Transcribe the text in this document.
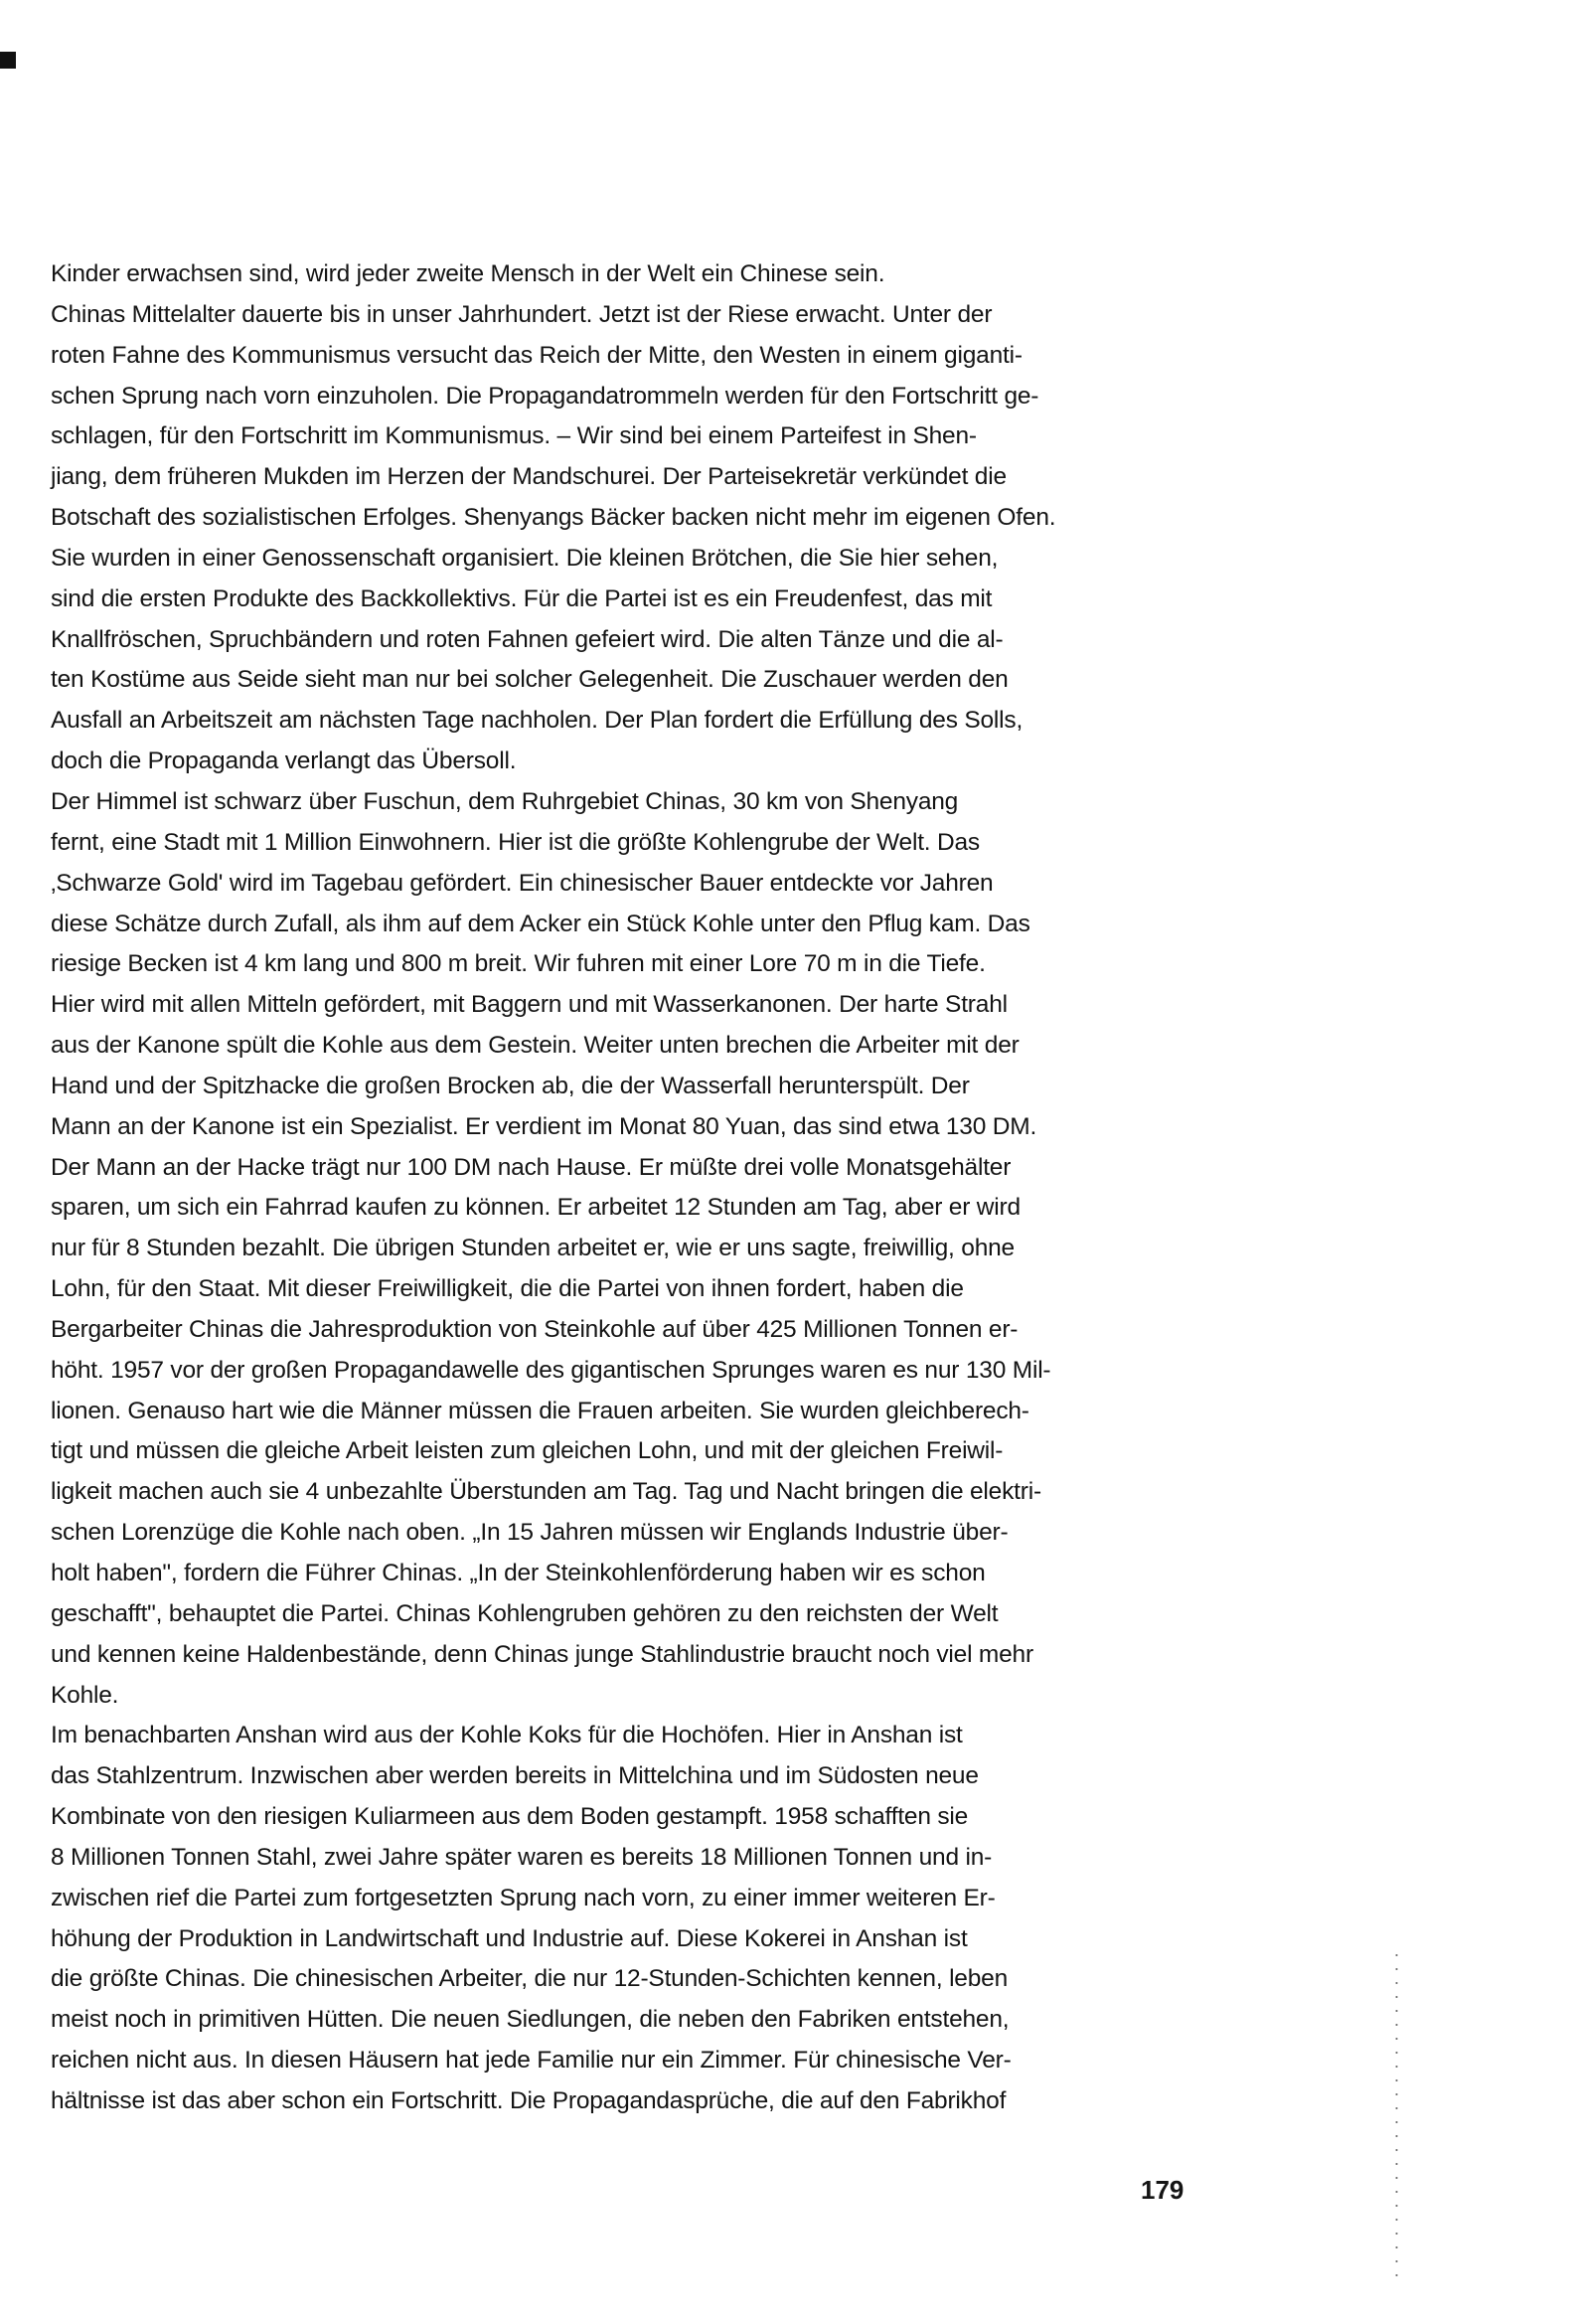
Kinder erwachsen sind, wird jeder zweite Mensch in der Welt ein Chinese sein.
Chinas Mittelalter dauerte bis in unser Jahrhundert. Jetzt ist der Riese erwacht. Unter der
roten Fahne des Kommunismus versucht das Reich der Mitte, den Westen in einem giganti-
schen Sprung nach vorn einzuholen. Die Propagandatrommeln werden für den Fortschritt ge-
schlagen, für den Fortschritt im Kommunismus. – Wir sind bei einem Parteifest in Shen-
jiang, dem früheren Mukden im Herzen der Mandschurei. Der Parteisekretär verkündet die
Botschaft des sozialistischen Erfolges. Shenyangs Bäcker backen nicht mehr im eigenen Ofen.
Sie wurden in einer Genossenschaft organisiert. Die kleinen Brötchen, die Sie hier sehen,
sind die ersten Produkte des Backkollektivs. Für die Partei ist es ein Freudenfest, das mit
Knallfröschen, Spruchbändern und roten Fahnen gefeiert wird. Die alten Tänze und die al-
ten Kostüme aus Seide sieht man nur bei solcher Gelegenheit. Die Zuschauer werden den
Ausfall an Arbeitszeit am nächsten Tage nachholen. Der Plan fordert die Erfüllung des Solls,
doch die Propaganda verlangt das Übersoll.
Der Himmel ist schwarz über Fuschun, dem Ruhrgebiet Chinas, 30 km von Shenyang
fernt, eine Stadt mit 1 Million Einwohnern. Hier ist die größte Kohlengrube der Welt. Das
‚Schwarze Gold' wird im Tagebau gefördert. Ein chinesischer Bauer entdeckte vor Jahren
diese Schätze durch Zufall, als ihm auf dem Acker ein Stück Kohle unter den Pflug kam. Das
riesige Becken ist 4 km lang und 800 m breit. Wir fuhren mit einer Lore 70 m in die Tiefe.
Hier wird mit allen Mitteln gefördert, mit Baggern und mit Wasserkanonen. Der harte Strahl
aus der Kanone spült die Kohle aus dem Gestein. Weiter unten brechen die Arbeiter mit der
Hand und der Spitzhacke die großen Brocken ab, die der Wasserfall herunterspült. Der
Mann an der Kanone ist ein Spezialist. Er verdient im Monat 80 Yuan, das sind etwa 130 DM.
Der Mann an der Hacke trägt nur 100 DM nach Hause. Er müßte drei volle Monatsgehälter
sparen, um sich ein Fahrrad kaufen zu können. Er arbeitet 12 Stunden am Tag, aber er wird
nur für 8 Stunden bezahlt. Die übrigen Stunden arbeitet er, wie er uns sagte, freiwillig, ohne
Lohn, für den Staat. Mit dieser Freiwilligkeit, die die Partei von ihnen fordert, haben die
Bergarbeiter Chinas die Jahresproduktion von Steinkohle auf über 425 Millionen Tonnen er-
höht. 1957 vor der großen Propagandawelle des gigantischen Sprunges waren es nur 130 Mil-
lionen. Genauso hart wie die Männer müssen die Frauen arbeiten. Sie wurden gleichberech-
tigt und müssen die gleiche Arbeit leisten zum gleichen Lohn, und mit der gleichen Freiwil-
ligkeit machen auch sie 4 unbezahlte Überstunden am Tag. Tag und Nacht bringen die elektri-
schen Lorenzüge die Kohle nach oben. „In 15 Jahren müssen wir Englands Industrie über-
holt haben", fordern die Führer Chinas. „In der Steinkohlenförderung haben wir es schon
geschafft", behauptet die Partei. Chinas Kohlengruben gehören zu den reichsten der Welt
und kennen keine Haldenbestände, denn Chinas junge Stahlindustrie braucht noch viel mehr
Kohle.
Im benachbarten Anshan wird aus der Kohle Koks für die Hochöfen. Hier in Anshan ist
das Stahlzentrum. Inzwischen aber werden bereits in Mittelchina und im Südosten neue
Kombinate von den riesigen Kuliarmeen aus dem Boden gestampft. 1958 schafften sie
8 Millionen Tonnen Stahl, zwei Jahre später waren es bereits 18 Millionen Tonnen und in-
zwischen rief die Partei zum fortgesetzten Sprung nach vorn, zu einer immer weiteren Er-
höhung der Produktion in Landwirtschaft und Industrie auf. Diese Kokerei in Anshan ist
die größte Chinas. Die chinesischen Arbeiter, die nur 12-Stunden-Schichten kennen, leben
meist noch in primitiven Hütten. Die neuen Siedlungen, die neben den Fabriken entstehen,
reichen nicht aus. In diesen Häusern hat jede Familie nur ein Zimmer. Für chinesische Ver-
hältnisse ist das aber schon ein Fortschritt. Die Propagandasprüche, die auf den Fabrikhof
179
